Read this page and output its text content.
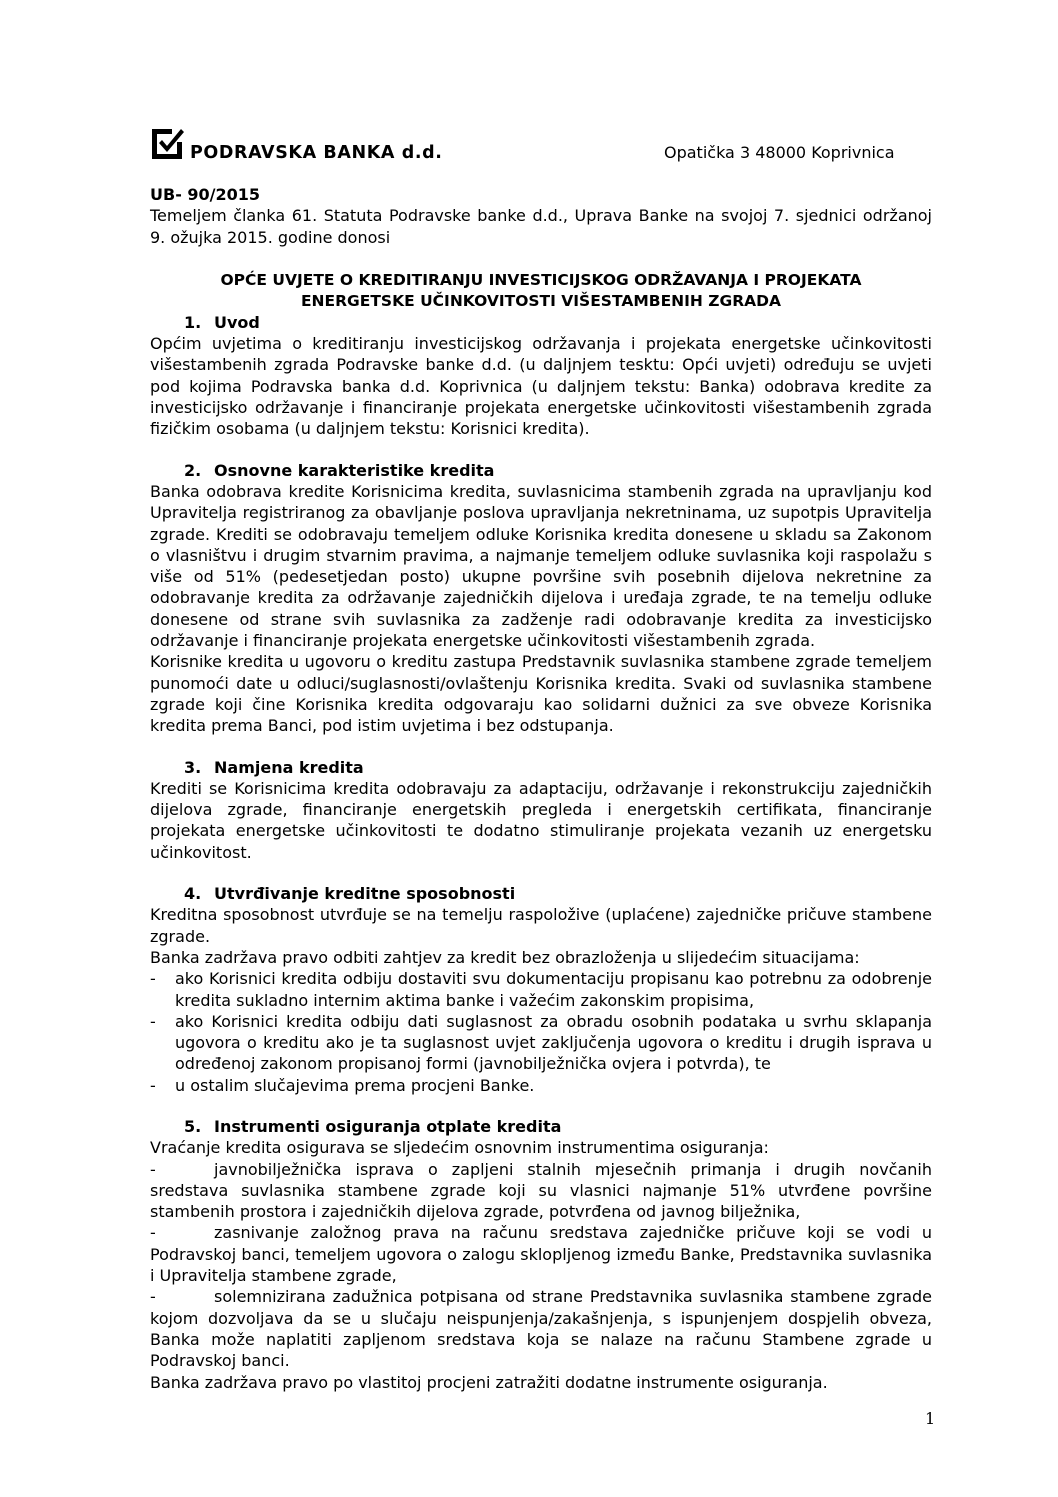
PODRAVSKA BANKA d.d.	Opatička 3 48000 Koprivnica

UB- 90/2015

Temeljem članka 61. Statuta Podravske banke d.d., Uprava Banke na svojoj 7. sjednici održanoj 9. ožujka 2015. godine donosi

OPĆE UVJETE O KREDITIRANJU INVESTICIJSKOG ODRŽAVANJA I PROJEKATA
ENERGETSKE UČINKOVITOSTI VIŠESTAMBENIH ZGRADA

1. Uvod

Općim uvjetima o kreditiranju investicijskog održavanja i projekata energetske učinkovitosti višestambenih zgrada Podravske banke d.d. (u daljnjem tesktu: Opći uvjeti) određuju se uvjeti pod kojima Podravska banka d.d. Koprivnica (u daljnjem tekstu: Banka) odobrava kredite za investicijsko održavanje i financiranje projekata energetske učinkovitosti višestambenih zgrada fizičkim osobama (u daljnjem tekstu: Korisnici kredita).

2. Osnovne karakteristike kredita

Banka odobrava kredite Korisnicima kredita, suvlasnicima stambenih zgrada na upravljanju kod Upravitelja registriranog za obavljanje poslova upravljanja nekretninama, uz supotpis Upravitelja zgrade. Krediti se odobravaju temeljem odluke Korisnika kredita donesene u skladu sa Zakonom o vlasništvu i drugim stvarnim pravima, a najmanje temeljem odluke suvlasnika koji raspolažu s više od 51% (pedesetjedan posto) ukupne površine svih posebnih dijelova nekretnine za odobravanje kredita za održavanje zajedničkih dijelova i uređaja zgrade, te na temelju odluke donesene od strane svih suvlasnika za zadženje radi odobravanje kredita za investicijsko održavanje i financiranje projekata energetske učinkovitosti višestambenih zgrada.

Korisnike kredita u ugovoru o kreditu zastupa Predstavnik suvlasnika stambene zgrade temeljem punomoći date u odluci/suglasnosti/ovlaštenju Korisnika kredita. Svaki od suvlasnika stambene zgrade koji čine Korisnika kredita odgovaraju kao solidarni dužnici za sve obveze Korisnika kredita prema Banci, pod istim uvjetima i bez odstupanja.

3. Namjena kredita

Krediti se Korisnicima kredita odobravaju za adaptaciju, održavanje i rekonstrukciju zajedničkih dijelova zgrade, financiranje energetskih pregleda i energetskih certifikata, financiranje projekata energetske učinkovitosti te dodatno stimuliranje projekata vezanih uz energetsku učinkovitost.

4. Utvrđivanje kreditne sposobnosti

Kreditna sposobnost utvrđuje se na temelju raspoložive (uplaćene) zajedničke pričuve stambene zgrade.

Banka zadržava pravo odbiti zahtjev za kredit bez obrazloženja u slijedećim situacijama:

-	ako Korisnici kredita odbiju dostaviti svu dokumentaciju propisanu kao potrebnu za odobrenje kredita sukladno internim aktima banke i važećim zakonskim propisima,
-	ako Korisnici kredita odbiju dati suglasnost za obradu osobnih podataka u svrhu sklapanja ugovora o kreditu ako je ta suglasnost uvjet zaključenja ugovora o kreditu i drugih isprava u određenoj zakonom propisanoj formi (javnobilježnička ovjera i potvrda), te
-	u ostalim slučajevima prema procjeni Banke.
5. Instrumenti osiguranja otplate kredita

Vraćanje kredita osigurava se sljedećim osnovnim instrumentima osiguranja:

-	javnobilježnička isprava o zapljeni stalnih mjesečnih primanja i drugih novčanih sredstava suvlasnika stambene zgrade koji su vlasnici najmanje 51% utvrđene površine stambenih prostora i zajedničkih dijelova zgrade, potvrđena od javnog bilježnika,

-	zasnivanje založnog prava na računu sredstava zajedničke pričuve koji se vodi u Podravskoj banci, temeljem ugovora o zalogu sklopljenog između Banke, Predstavnika suvlasnika i Upravitelja stambene zgrade,

-	solemnizirana zadužnica potpisana od strane Predstavnika suvlasnika stambene zgrade kojom dozvoljava da se u slučaju neispunjenja/zakašnjenja, s ispunjenjem dospjelih obveza, Banka može naplatiti zapljenom sredstava koja se nalaze na računu Stambene zgrade u Podravskoj banci.

Banka zadržava pravo po vlastitoj procjeni zatražiti dodatne instrumente osiguranja.

1
